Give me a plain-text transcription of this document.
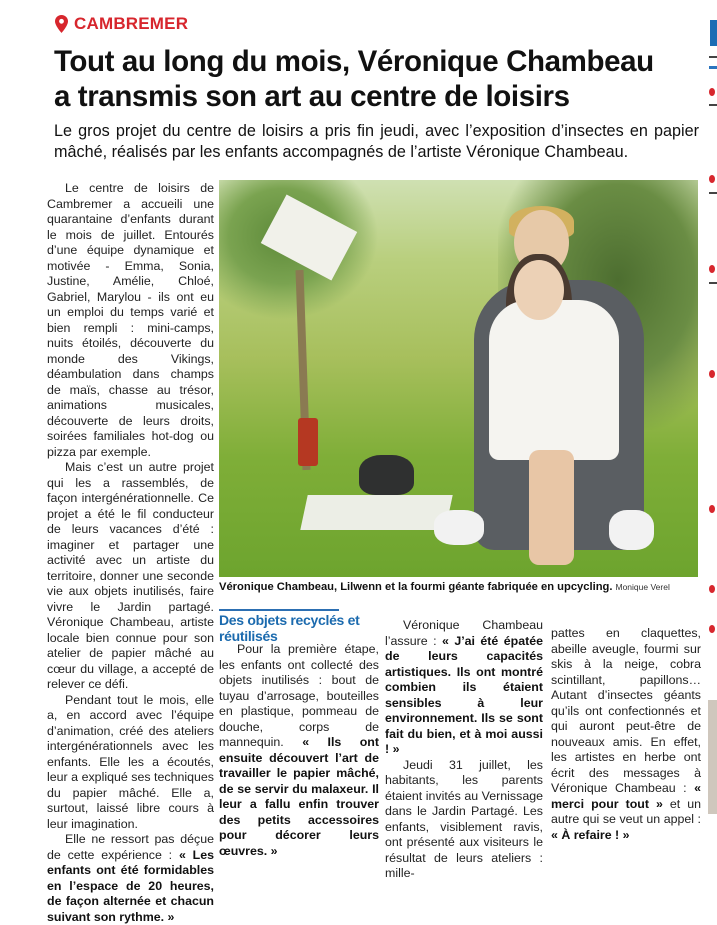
CAMBREMER
Tout au long du mois, Véronique Chambeau
a transmis son art au centre de loisirs

Le gros projet du centre de loisirs a pris fin jeudi, avec l’exposition d’insectes en papier mâché, réalisés par les enfants accompagnés de l’artiste Véronique Chambeau.

Le centre de loisirs de Cambremer a accueili une quarantaine d’enfants durant le mois de juillet. Entourés d’une équipe dynamique et motivée - Emma, Sonia, Justine, Amélie, Chloé, Gabriel, Marylou - ils ont eu un emploi du temps varié et bien rempli : mini-camps, nuits étoilés, découverte du monde des Vikings, déambulation dans champs de maïs, chasse au trésor, animations musicales, découverte de leurs droits, soirées familiales hot-dog ou pizza par exemple.

Mais c’est un autre projet qui les a rassemblés, de façon intergénérationnelle. Ce projet a été le fil conducteur de leurs vacances d’été : imaginer et partager une activité avec un artiste du territoire, donner une seconde vie aux objets inutilisés, faire vivre le Jardin partagé. Véronique Chambeau, artiste locale bien connue pour son atelier de papier mâché au cœur du village, a accepté de relever ce défi.

Pendant tout le mois, elle a, en accord avec l’équipe d’animation, créé des ateliers intergénérationnels avec les enfants. Elle les a écoutés, leur a expliqué ses techniques du papier mâché. Elle a, surtout, laissé libre cours à leur imagination.

Elle ne ressort pas déçue de cette expérience : « Les enfants ont été formidables en l’espace de 20 heures, de façon alternée et chacun suivant son rythme. »

Véronique Chambeau, Lilwenn et la fourmi géante fabriquée en upcycling. Monique Verel

Des objets recyclés et réutilisés

Pour la première étape, les enfants ont collecté des objets inutilisés : bout de tuyau d’arrosage, bouteilles en plastique, pommeau de douche, corps de mannequin. « Ils ont ensuite découvert l’art de travailler le papier mâché, de se servir du malaxeur. Il leur a fallu enfin trouver des petits accessoires pour décorer leurs œuvres. »

Véronique Chambeau l’assure : « J’ai été épatée de leurs capacités artistiques. Ils ont montré combien ils étaient sensibles à leur environnement. Ils se sont fait du bien, et à moi aussi ! »

Jeudi 31 juillet, les habitants, les parents étaient invités au Vernissage dans le Jardin Partagé. Les enfants, visiblement ravis, ont présenté aux visiteurs le résultat de leurs ateliers : mille-

pattes en claquettes, abeille aveugle, fourmi sur skis à la neige, cobra scintillant, papillons… Autant d’insectes géants qu’ils ont confectionnés et qui auront peut-être de nouveaux amis. En effet, les artistes en herbe ont écrit des messages à Véronique Chambeau : « merci pour tout » et un autre qui se veut un appel : « À refaire ! »
